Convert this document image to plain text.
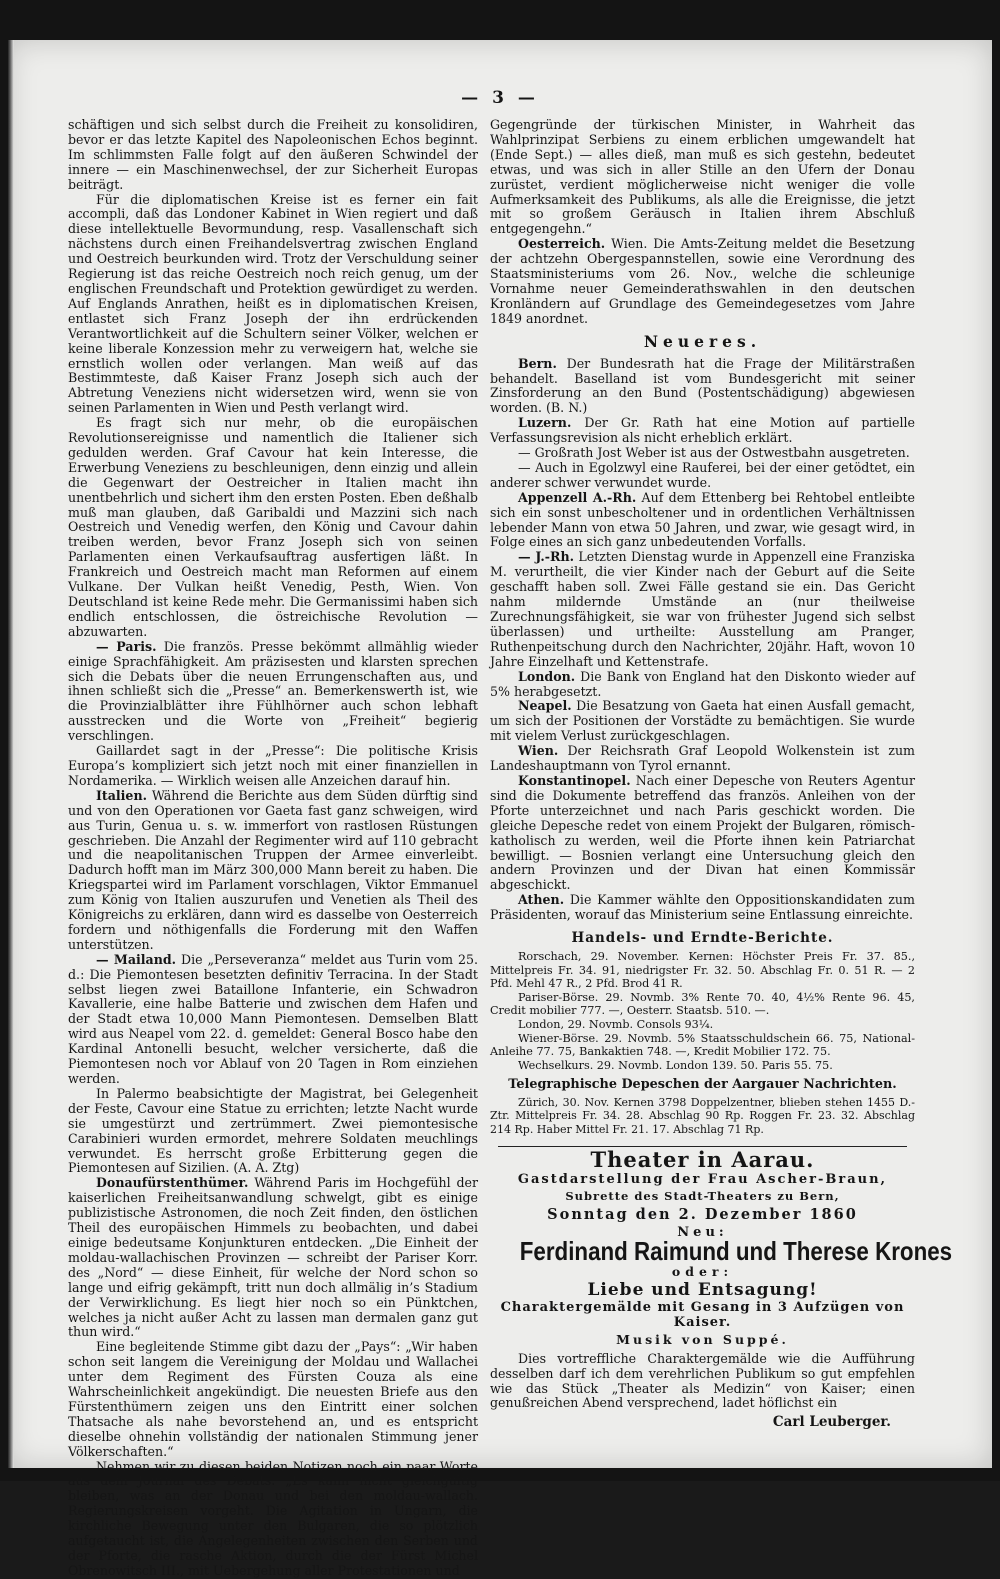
— 3 —

schäftigen und sich selbst durch die Freiheit zu konsolidiren, bevor er das letzte Kapitel des Napoleonischen Echos beginnt. Im schlimmsten Falle folgt auf den äußeren Schwindel der innere — ein Maschinenwechsel, der zur Sicherheit Europas beiträgt.

Für die diplomatischen Kreise ist es ferner ein fait accompli, daß das Londoner Kabinet in Wien regiert und daß diese intellektuelle Bevormundung, resp. Vasallenschaft sich nächstens durch einen Freihandelsvertrag zwischen England und Oestreich beurkunden wird. Trotz der Verschuldung seiner Regierung ist das reiche Oestreich noch reich genug, um der englischen Freundschaft und Protektion gewürdiget zu werden. Auf Englands Anrathen, heißt es in diplomatischen Kreisen, entlastet sich Franz Joseph der ihn erdrückenden Verantwortlichkeit auf die Schultern seiner Völker, welchen er keine liberale Konzession mehr zu verweigern hat, welche sie ernstlich wollen oder verlangen. Man weiß auf das Bestimmteste, daß Kaiser Franz Joseph sich auch der Abtretung Veneziens nicht widersetzen wird, wenn sie von seinen Parlamenten in Wien und Pesth verlangt wird.

Es fragt sich nur mehr, ob die europäischen Revolutionsereignisse und namentlich die Italiener sich gedulden werden. Graf Cavour hat kein Interesse, die Erwerbung Veneziens zu beschleunigen, denn einzig und allein die Gegenwart der Oestreicher in Italien macht ihn unentbehrlich und sichert ihm den ersten Posten. Eben deßhalb muß man glauben, daß Garibaldi und Mazzini sich nach Oestreich und Venedig werfen, den König und Cavour dahin treiben werden, bevor Franz Joseph sich von seinen Parlamenten einen Verkaufsauftrag ausfertigen läßt. In Frankreich und Oestreich macht man Reformen auf einem Vulkane. Der Vulkan heißt Venedig, Pesth, Wien. Von Deutschland ist keine Rede mehr. Die Germanissimi haben sich endlich entschlossen, die östreichische Revolution — abzuwarten.

— Paris. Die französ. Presse bekömmt allmählig wieder einige Sprachfähigkeit. Am präzisesten und klarsten sprechen sich die Debats über die neuen Errungenschaften aus, und ihnen schließt sich die „Presse“ an. Bemerkenswerth ist, wie die Provinzialblätter ihre Fühlhörner auch schon lebhaft ausstrecken und die Worte von „Freiheit“ begierig verschlingen.

Gaillardet sagt in der „Presse“: Die politische Krisis Europa’s kompliziert sich jetzt noch mit einer finanziellen in Nordamerika. — Wirklich weisen alle Anzeichen darauf hin.

Italien. Während die Berichte aus dem Süden dürftig sind und von den Operationen vor Gaeta fast ganz schweigen, wird aus Turin, Genua u. s. w. immerfort von rastlosen Rüstungen geschrieben. Die Anzahl der Regimenter wird auf 110 gebracht und die neapolitanischen Truppen der Armee einverleibt. Dadurch hofft man im März 300,000 Mann bereit zu haben. Die Kriegspartei wird im Parlament vorschlagen, Viktor Emmanuel zum König von Italien auszurufen und Venetien als Theil des Königreichs zu erklären, dann wird es dasselbe von Oesterreich fordern und nöthigenfalls die Forderung mit den Waffen unterstützen.

— Mailand. Die „Perseveranza“ meldet aus Turin vom 25. d.: Die Piemontesen besetzten definitiv Terracina. In der Stadt selbst liegen zwei Bataillone Infanterie, ein Schwadron Kavallerie, eine halbe Batterie und zwischen dem Hafen und der Stadt etwa 10,000 Mann Piemontesen. Demselben Blatt wird aus Neapel vom 22. d. gemeldet: General Bosco habe den Kardinal Antonelli besucht, welcher versicherte, daß die Piemontesen noch vor Ablauf von 20 Tagen in Rom einziehen werden.

In Palermo beabsichtigte der Magistrat, bei Gelegenheit der Feste, Cavour eine Statue zu errichten; letzte Nacht wurde sie umgestürzt und zertrümmert. Zwei piemontesische Carabinieri wurden ermordet, mehrere Soldaten meuchlings verwundet. Es herrscht große Erbitterung gegen die Piemontesen auf Sizilien. (A. A. Ztg)

Donaufürstenthümer. Während Paris im Hochgefühl der kaiserlichen Freiheitsanwandlung schwelgt, gibt es einige publizistische Astronomen, die noch Zeit finden, den östlichen Theil des europäischen Himmels zu beobachten, und dabei einige bedeutsame Konjunkturen entdecken. „Die Einheit der moldau-wallachischen Provinzen — schreibt der Pariser Korr. des „Nord“ — diese Einheit, für welche der Nord schon so lange und eifrig gekämpft, tritt nun doch allmälig in’s Stadium der Verwirklichung. Es liegt hier noch so ein Pünktchen, welches ja nicht außer Acht zu lassen man dermalen ganz gut thun wird.“

Eine begleitende Stimme gibt dazu der „Pays“: „Wir haben schon seit langem die Vereinigung der Moldau und Wallachei unter dem Regiment des Fürsten Couza als eine Wahrscheinlichkeit angekündigt. Die neuesten Briefe aus den Fürstenthümern zeigen uns den Eintritt einer solchen Thatsache als nahe bevorstehend an, und es entspricht dieselbe ohnehin vollständig der nationalen Stimmung jener Völkerschaften.“

Nehmen wir zu diesen beiden Notizen noch ein paar Worte aus dem Journal des Debats: „Es kann nicht gleichgültig bleiben, was an der Donau und bei den moldau-wallach. Regierungskreisen vorgeht. Die Agitation in Ungarn, die kirchliche Bewegung unter den Bulgaren, die so plötzlich aufgetaucht ist, die Angelegenheiten zwischen den Serben und der Pforte, die rasche Aktion, durch die der Fürst Michel Obrenowitsch III., mit Uebergehung aller Protestationen und

Gegengründe der türkischen Minister, in Wahrheit das Wahlprinzipat Serbiens zu einem erblichen umgewandelt hat (Ende Sept.) — alles dieß, man muß es sich gestehn, bedeutet etwas, und was sich in aller Stille an den Ufern der Donau zurüstet, verdient möglicherweise nicht weniger die volle Aufmerksamkeit des Publikums, als alle die Ereignisse, die jetzt mit so großem Geräusch in Italien ihrem Abschluß entgegengehn.“

Oesterreich. Wien. Die Amts-Zeitung meldet die Besetzung der achtzehn Obergespannstellen, sowie eine Verordnung des Staatsministeriums vom 26. Nov., welche die schleunige Vornahme neuer Gemeinderathswahlen in den deutschen Kronländern auf Grundlage des Gemeindegesetzes vom Jahre 1849 anordnet.

Neueres.

Bern. Der Bundesrath hat die Frage der Militärstraßen behandelt. Baselland ist vom Bundesgericht mit seiner Zinsforderung an den Bund (Postentschädigung) abgewiesen worden. (B. N.)

Luzern. Der Gr. Rath hat eine Motion auf partielle Verfassungsrevision als nicht erheblich erklärt.

— Großrath Jost Weber ist aus der Ostwestbahn ausgetreten.

— Auch in Egolzwyl eine Rauferei, bei der einer getödtet, ein anderer schwer verwundet wurde.

Appenzell A.-Rh. Auf dem Ettenberg bei Rehtobel entleibte sich ein sonst unbescholtener und in ordentlichen Verhältnissen lebender Mann von etwa 50 Jahren, und zwar, wie gesagt wird, in Folge eines an sich ganz unbedeutenden Vorfalls.

— J.-Rh. Letzten Dienstag wurde in Appenzell eine Franziska M. verurtheilt, die vier Kinder nach der Geburt auf die Seite geschafft haben soll. Zwei Fälle gestand sie ein. Das Gericht nahm mildernde Umstände an (nur theilweise Zurechnungsfähigkeit, sie war von frühester Jugend sich selbst überlassen) und urtheilte: Ausstellung am Pranger, Ruthenpeitschung durch den Nachrichter, 20jähr. Haft, wovon 10 Jahre Einzelhaft und Kettenstrafe.

London. Die Bank von England hat den Diskonto wieder auf 5% herabgesetzt.

Neapel. Die Besatzung von Gaeta hat einen Ausfall gemacht, um sich der Positionen der Vorstädte zu bemächtigen. Sie wurde mit vielem Verlust zurückgeschlagen.

Wien. Der Reichsrath Graf Leopold Wolkenstein ist zum Landeshauptmann von Tyrol ernannt.

Konstantinopel. Nach einer Depesche von Reuters Agentur sind die Dokumente betreffend das französ. Anleihen von der Pforte unterzeichnet und nach Paris geschickt worden. Die gleiche Depesche redet von einem Projekt der Bulgaren, römisch-katholisch zu werden, weil die Pforte ihnen kein Patriarchat bewilligt. — Bosnien verlangt eine Untersuchung gleich den andern Provinzen und der Divan hat einen Kommissär abgeschickt.

Athen. Die Kammer wählte den Oppositionskandidaten zum Präsidenten, worauf das Ministerium seine Entlassung einreichte.

Handels- und Erndte-Berichte.

Rorschach, 29. November. Kernen: Höchster Preis Fr. 37. 85., Mittelpreis Fr. 34. 91, niedrigster Fr. 32. 50. Abschlag Fr. 0. 51 R. — 2 Pfd. Mehl 47 R., 2 Pfd. Brod 41 R.

Pariser-Börse. 29. Novmb. 3% Rente 70. 40, 4½% Rente 96. 45, Credit mobilier 777. —, Oesterr. Staatsb. 510. —.

London, 29. Novmb. Consols 93¼.

Wiener-Börse. 29. Novmb. 5% Staatsschuldschein 66. 75, National-Anleihe 77. 75, Bankaktien 748. —, Kredit Mobilier 172. 75.

Wechselkurs. 29. Novmb. London 139. 50. Paris 55. 75.

Telegraphische Depeschen der Aargauer Nachrichten.

Zürich, 30. Nov. Kernen 3798 Doppelzentner, blieben stehen 1455 D.-Ztr. Mittelpreis Fr. 34. 28. Abschlag 90 Rp. Roggen Fr. 23. 32. Abschlag 214 Rp. Haber Mittel Fr. 21. 17. Abschlag 71 Rp.

Theater in Aarau.
Gastdarstellung der Frau Ascher-Braun,
Subrette des Stadt-Theaters zu Bern,
Sonntag den 2. Dezember 1860
Neu:
Ferdinand Raimund und Therese Krones
oder:
Liebe und Entsagung!
Charaktergemälde mit Gesang in 3 Aufzügen von Kaiser.
Musik von Suppé.

Dies vortreffliche Charaktergemälde wie die Aufführung desselben darf ich dem verehrlichen Publikum so gut empfehlen wie das Stück „Theater als Medizin“ von Kaiser; einen genußreichen Abend versprechend, ladet höflichst ein

Carl Leuberger.
